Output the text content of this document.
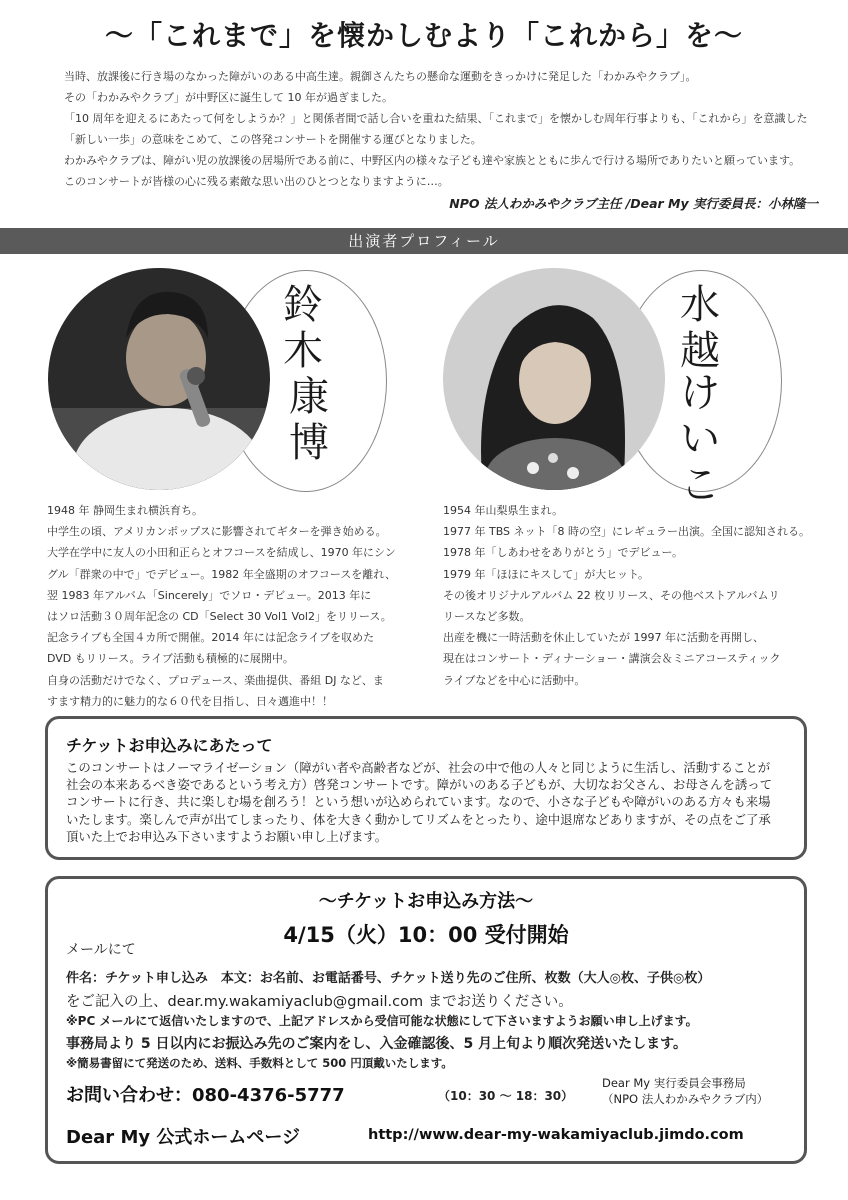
～「これまで」を懐かしむより「これから」を～

当時、放課後に行き場のなかった障がいのある中高生達。親御さんたちの懸命な運動をきっかけに発足した「わかみやクラブ」。

その「わかみやクラブ」が中野区に誕生して 10 年が過ぎました。

「10 周年を迎えるにあたって何をしようか？」と関係者間で話し合いを重ねた結果、「これまで」を懐かしむ周年行事よりも、「これから」を意識した

「新しい一歩」の意味をこめて、この啓発コンサートを開催する運びとなりました。

わかみやクラブは、障がい児の放課後の居場所である前に、中野区内の様々な子ども達や家族とともに歩んで行ける場所でありたいと願っています。

このコンサートが皆様の心に残る素敵な思い出のひとつとなりますように…。

NPO 法人わかみやクラブ主任 /Dear My 実行委員長：小林隆一
出演者プロフィール
鈴
木
康
博
水
越
け
い
こ

1948 年 静岡生まれ横浜育ち。

中学生の頃、アメリカンポップスに影響されてギターを弾き始める。

大学在学中に友人の小田和正らとオフコースを結成し、1970 年にシン

グル「群衆の中で」でデビュー。1982 年全盛期のオフコースを離れ、

翌 1983 年アルバム「Sincerely」でソロ・デビュー。2013 年に

はソロ活動３０周年記念の CD「Select 30 Vol1 Vol2」をリリース。

記念ライブも全国４カ所で開催。2014 年には記念ライブを収めた

DVD もリリース。ライブ活動も積極的に展開中。

自身の活動だけでなく、プロデュース、楽曲提供、番組 DJ など、ま

すます精力的に魅力的な６０代を目指し、日々邁進中！！

1954 年山梨県生まれ。

1977 年 TBS ネット「8 時の空」にレギュラー出演。全国に認知される。

1978 年「しあわせをありがとう」でデビュー。

1979 年「ほほにキスして」が大ヒット。

その後オリジナルアルバム 22 枚リリース、その他ベストアルバムリ

リースなど多数。

出産を機に一時活動を休止していたが 1997 年に活動を再開し、

現在はコンサート・ディナーショー・講演会＆ミニアコースティック

ライブなどを中心に活動中。

チケットお申込みにあたって

このコンサートはノーマライゼーション（障がい者や高齢者などが、社会の中で他の人々と同じように生活し、活動することが

社会の本来あるべき姿であるという考え方）啓発コンサートです。障がいのある子どもが、大切なお父さん、お母さんを誘って

コンサートに行き、共に楽しむ場を創ろう！という想いが込められています。なので、小さな子どもや障がいのある方々も来場

いたします。楽しんで声が出てしまったり、体を大きく動かしてリズムをとったり、途中退席などありますが、その点をご了承

頂いた上でお申込み下さいますようお願い申し上げます。

～チケットお申込み方法～
4/15（火）10：00 受付開始
メールにて
件名：チケット申し込み　本文：お名前、お電話番号、チケット送り先のご住所、枚数（大人◎枚、子供◎枚）
をご記入の上、dear.my.wakamiyaclub@gmail.com までお送りください。
※PC メールにて返信いたしますので、上記アドレスから受信可能な状態にして下さいますようお願い申し上げます。
事務局より 5 日以内にお振込み先のご案内をし、入金確認後、5 月上旬より順次発送いたします。
※簡易書留にて発送のため、送料、手数料として 500 円頂戴いたします。
お問い合わせ：080-4376-5777	（10：30 ～ 18：30）

Dear My 実行委員会事務局

（NPO 法人わかみやクラブ内）

Dear My 公式ホームページ	http://www.dear-my-wakamiyaclub.jimdo.com
